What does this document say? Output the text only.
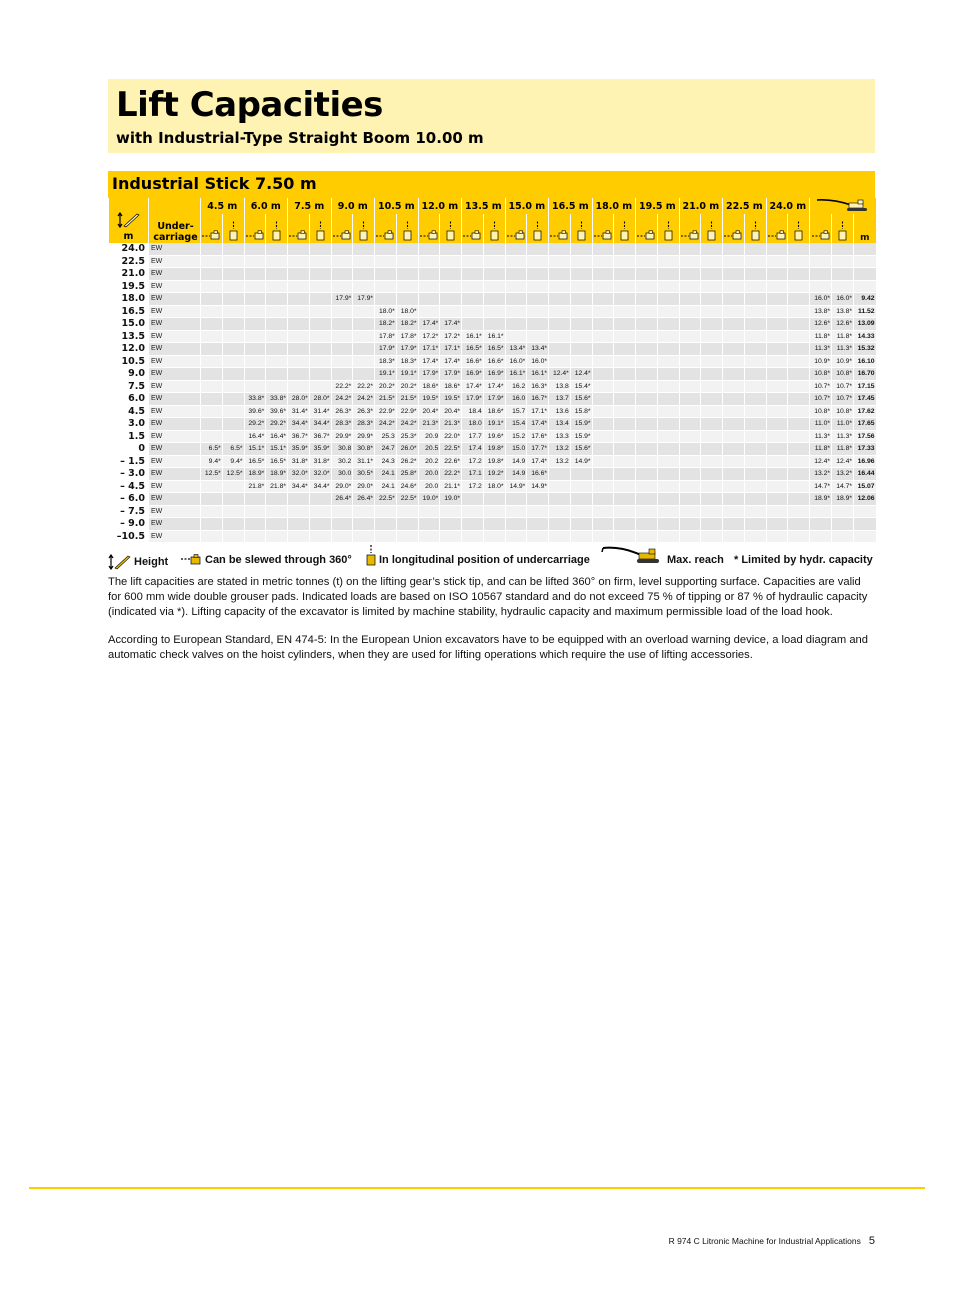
Lift Capacities
with Industrial-Type Straight Boom 10.00 m
Industrial Stick 7.50 m
m	Under-
carriage	4.5 m		6.0 m		7.5 m		9.0 m		10.5 m		12.0 m		13.5 m		15.0 m		16.5 m		18.0 m		19.5 m		21.0 m		22.5 m		24.0 m	
																														m
24.0	EW																															
22.5	EW																															
21.0	EW																															
19.5	EW																															
18.0	EW							17.9*	17.9*																					16.0*	16.0*	9.42
16.5	EW									18.0*	18.0*																			13.8*	13.8*	11.52
15.0	EW									18.2*	18.2*	17.4*	17.4*																	12.6*	12.6*	13.09
13.5	EW									17.8*	17.8*	17.2*	17.2*	16.1*	16.1*															11.8*	11.8*	14.33
12.0	EW									17.9*	17.9*	17.1*	17.1*	16.5*	16.5*	13.4*	13.4*													11.3*	11.3*	15.32
10.5	EW									18.3*	18.3*	17.4*	17.4*	16.6*	16.6*	16.0*	16.0*													10.9*	10.9*	16.10
9.0	EW									19.1*	19.1*	17.9*	17.9*	16.9*	16.9*	16.1*	16.1*	12.4*	12.4*											10.8*	10.8*	16.70
7.5	EW							22.2*	22.2*	20.2*	20.2*	18.6*	18.6*	17.4*	17.4*	16.2	16.3*	13.8	15.4*											10.7*	10.7*	17.15
6.0	EW			33.8*	33.8*	28.0*	28.0*	24.2*	24.2*	21.5*	21.5*	19.5*	19.5*	17.9*	17.9*	16.0	16.7*	13.7	15.6*											10.7*	10.7*	17.45
4.5	EW			39.6*	39.6*	31.4*	31.4*	26.3*	26.3*	22.9*	22.9*	20.4*	20.4*	18.4	18.6*	15.7	17.1*	13.6	15.8*											10.8*	10.8*	17.62
3.0	EW			29.2*	29.2*	34.4*	34.4*	28.3*	28.3*	24.2*	24.2*	21.3*	21.3*	18.0	19.1*	15.4	17.4*	13.4	15.9*											11.0*	11.0*	17.65
1.5	EW			16.4*	16.4*	36.7*	36.7*	29.9*	29.9*	25.3	25.3*	20.9	22.0*	17.7	19.6*	15.2	17.6*	13.3	15.9*											11.3*	11.3*	17.56
0	EW	6.5*	6.5*	15.1*	15.1*	35.9*	35.9*	30.8	30.8*	24.7	26.0*	20.5	22.5*	17.4	19.8*	15.0	17.7*	13.2	15.6*											11.8*	11.8*	17.33
– 1.5	EW	9.4*	9.4*	16.5*	16.5*	31.8*	31.8*	30.2	31.1*	24.3	26.2*	20.2	22.6*	17.2	19.8*	14.9	17.4*	13.2	14.9*											12.4*	12.4*	16.96
– 3.0	EW	12.5*	12.5*	18.9*	18.9*	32.0*	32.0*	30.0	30.5*	24.1	25.8*	20.0	22.2*	17.1	19.2*	14.9	16.6*													13.2*	13.2*	16.44
– 4.5	EW			21.8*	21.8*	34.4*	34.4*	29.0*	29.0*	24.1	24.6*	20.0	21.1*	17.2	18.0*	14.9*	14.9*													14.7*	14.7*	15.07
– 6.0	EW							26.4*	26.4*	22.5*	22.5*	19.0*	19.0*																	18.9*	18.9*	12.06
– 7.5	EW																															
– 9.0	EW																															
–10.5	EW																															
Height	Can be slewed through 360° In longitudinal position of undercarriage	Max. reach * Limited by hydr. capacity

The lift capacities are stated in metric tonnes (t) on the lifting gear’s stick tip, and can be lifted 360° on firm, level supporting surface. Capacities are valid for 600 mm wide double grouser pads. Indicated loads are based on ISO 10567 standard and do not exceed 75 % of tipping or 87 % of hydraulic capacity (indicated via *). Lifting capacity of the excavator is limited by machine stability, hydraulic capacity and maximum permissible load of the load hook.

According to European Standard, EN 474-5: In the European Union excavators have to be equipped with an overload warning device, a load diagram and automatic check valves on the hoist cylinders, when they are used for lifting operations which require the use of lifting accessories.

R 974 C Litronic Machine for Industrial Applications 5
